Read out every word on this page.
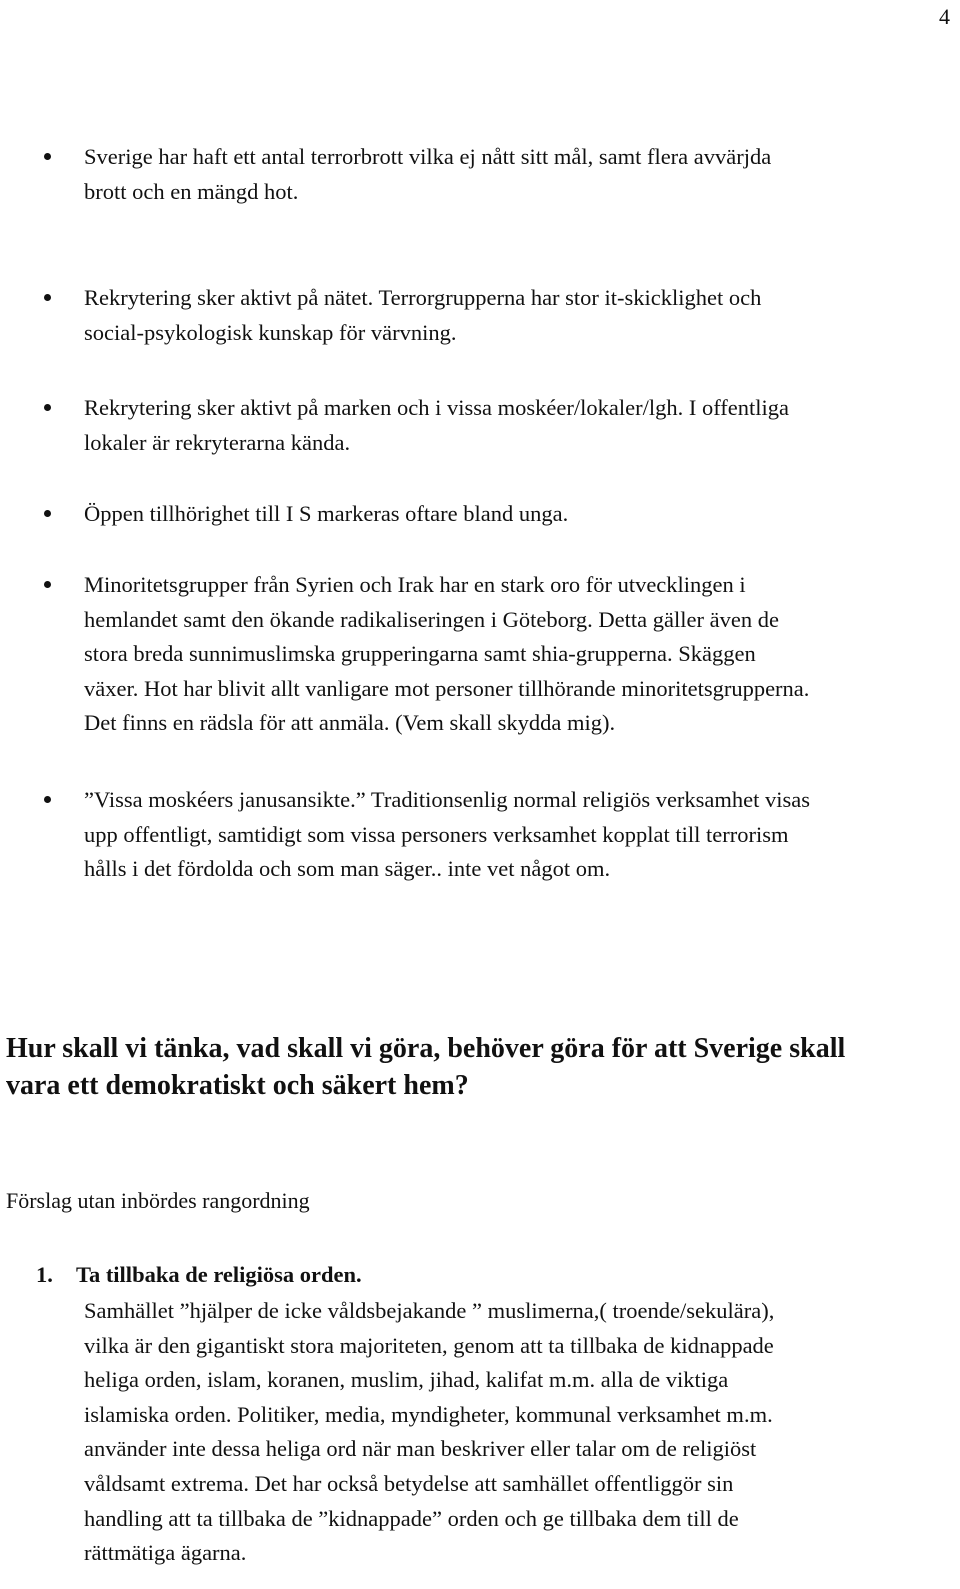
4
Sverige har haft ett antal terrorbrott vilka ej nått sitt mål, samt flera avvärjda
brott och en mängd hot.
Rekrytering sker aktivt på nätet. Terrorgrupperna har stor it-skicklighet och
social-psykologisk kunskap för värvning.
Rekrytering sker aktivt på marken och i vissa moskéer/lokaler/lgh. I offentliga
lokaler är rekryterarna kända.
Öppen tillhörighet till I S markeras oftare bland unga.
Minoritetsgrupper från Syrien och Irak har en stark oro för utvecklingen i
hemlandet samt den ökande radikaliseringen i Göteborg. Detta gäller även de
stora breda sunnimuslimska grupperingarna samt shia-grupperna. Skäggen
växer. Hot har blivit allt vanligare mot personer tillhörande minoritetsgrupperna.
Det finns en rädsla för att anmäla. (Vem skall skydda mig).
”Vissa moskéers janusansikte.” Traditionsenlig normal religiös verksamhet visas
upp offentligt, samtidigt som vissa personers verksamhet kopplat till terrorism
hålls i det fördolda och som man säger.. inte vet något om.
Hur skall vi tänka, vad skall vi göra, behöver göra för att Sverige skall
vara ett demokratiskt och säkert hem?
Förslag utan inbördes rangordning
1. Ta tillbaka de religiösa orden.
Samhället ”hjälper de icke våldsbejakande ” muslimerna,( troende/sekulära),
vilka är den gigantiskt stora majoriteten, genom att ta tillbaka de kidnappade
heliga orden, islam, koranen, muslim, jihad, kalifat m.m. alla de viktiga
islamiska orden. Politiker, media, myndigheter, kommunal verksamhet m.m.
använder inte dessa heliga ord när man beskriver eller talar om de religiöst
våldsamt extrema. Det har också betydelse att samhället offentliggör sin
handling att ta tillbaka de ”kidnappade” orden och ge tillbaka dem till de
rättmätiga ägarna.
